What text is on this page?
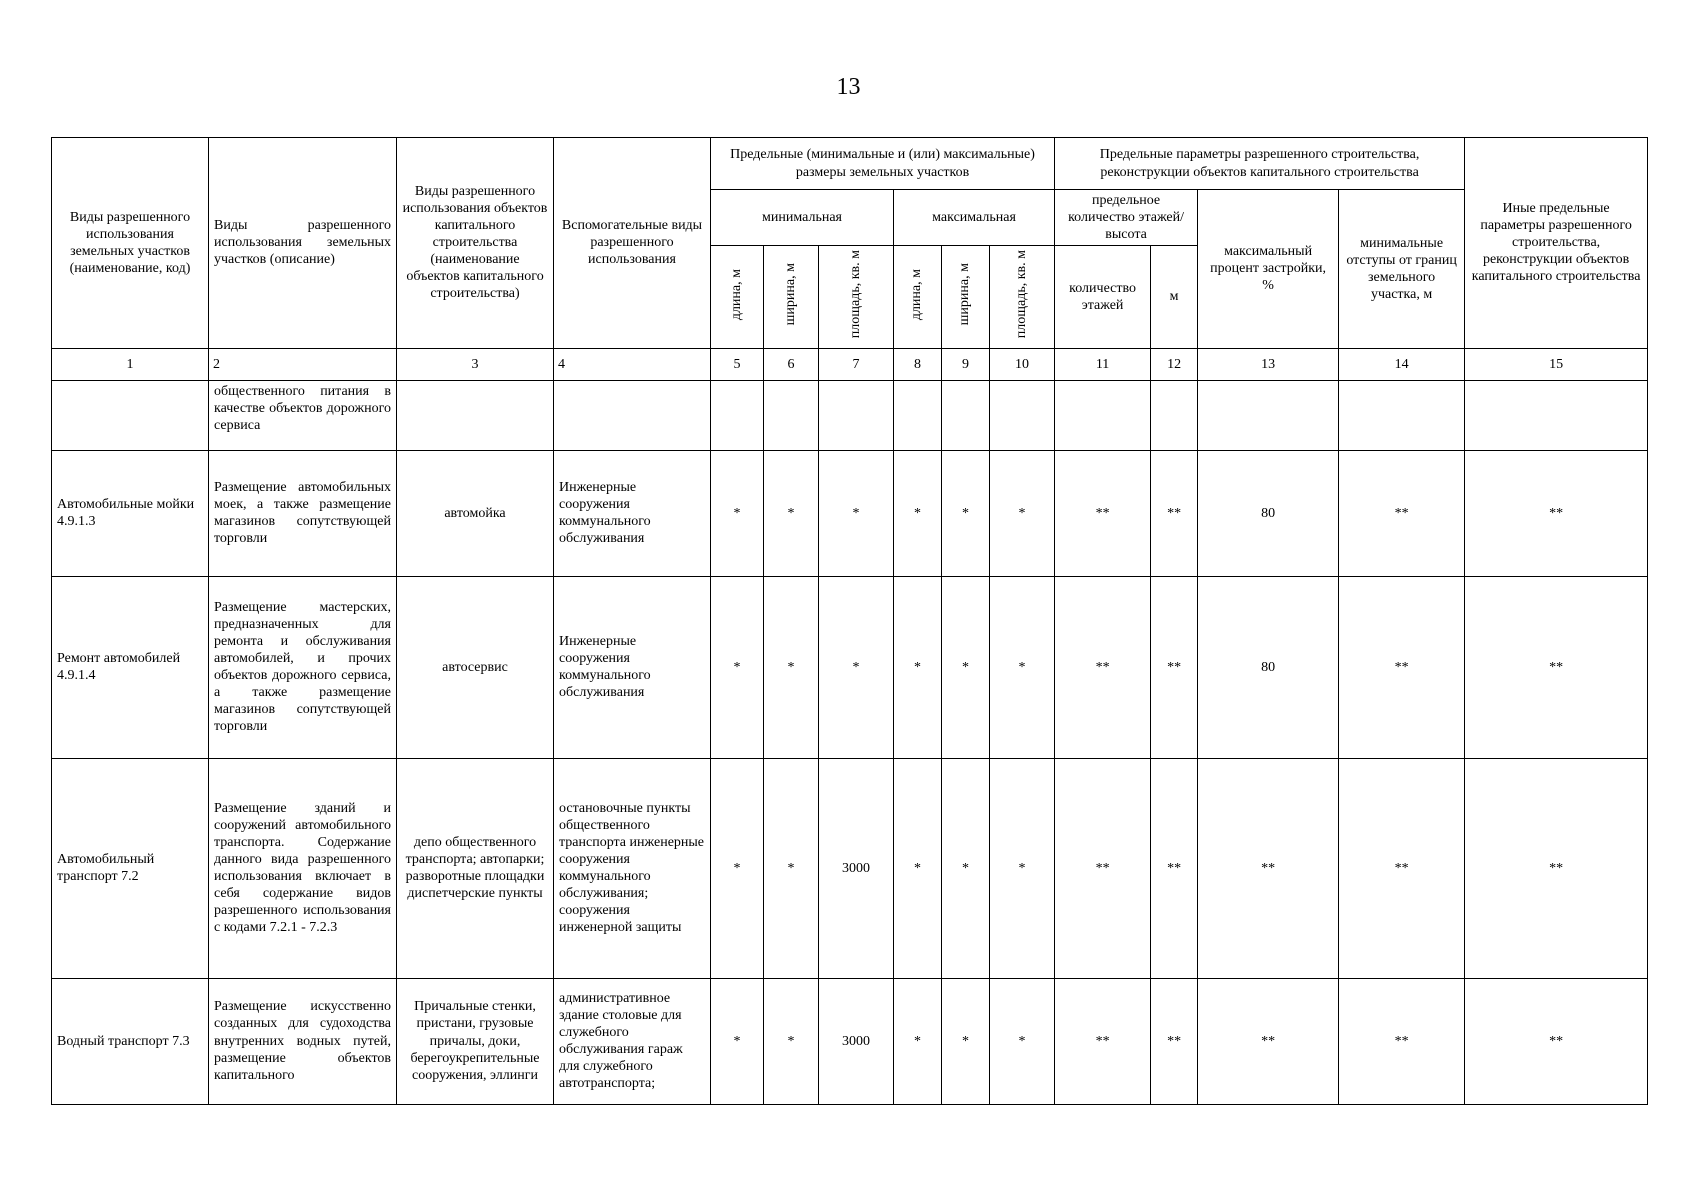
13
Виды разрешенного использования земельных участков (наименование, код)	Виды разрешенного использования земельных участков (описание)	Виды разрешенного использования объектов капитального строительства (наименование объектов капитального строительства)	Вспомогательные виды разрешенного использования	Предельные (минимальные и (или) максимальные) размеры земельных участков						Предельные параметры разрешенного строительства, реконструкции объектов капитального строительства				Иные предельные параметры разрешенного строительства, реконструкции объектов капитального строительства
				минимальная			максимальная			предельное количество этажей/высота		максимальный процент застройки, %	минимальные отступы от границ земельного участка, м	
				длина, м	ширина, м	площадь, кв. м	длина, м	ширина, м	площадь, кв. м	количество этажей	м			
1	2	3	4	5	6	7	8	9	10	11	12	13	14	15
	общественного питания в качестве объектов дорожного сервиса													
Автомобильные мойки 4.9.1.3	Размещение автомобильных моек, а также размещение магазинов сопутствующей торговли	автомойка	Инженерные сооружения коммунального обслуживания	*	*	*	*	*	*	**	**	80	**	**
Ремонт автомобилей 4.9.1.4	Размещение мастерских, предназначенных для ремонта и обслуживания автомобилей, и прочих объектов дорожного сервиса, а также размещение магазинов сопутствующей торговли	автосервис	Инженерные сооружения коммунального обслуживания	*	*	*	*	*	*	**	**	80	**	**
Автомобильный транспорт 7.2	Размещение зданий и сооружений автомобильного транспорта. Содержание данного вида разрешенного использования включает в себя содержание видов разрешенного использования с кодами 7.2.1 - 7.2.3	депо общественного транспорта; автопарки; разворотные площадки диспетчерские пункты	остановочные пункты общественного транспорта инженерные сооружения коммунального обслуживания; сооружения инженерной защиты	*	*	3000	*	*	*	**	**	**	**	**
Водный транспорт 7.3	Размещение искусственно созданных для судоходства внутренних водных путей, размещение объектов капитального	Причальные стенки, пристани, грузовые причалы, доки, берегоукрепительные сооружения, эллинги	административное здание столовые для служебного обслуживания гараж для служебного автотранспорта;	*	*	3000	*	*	*	**	**	**	**	**
